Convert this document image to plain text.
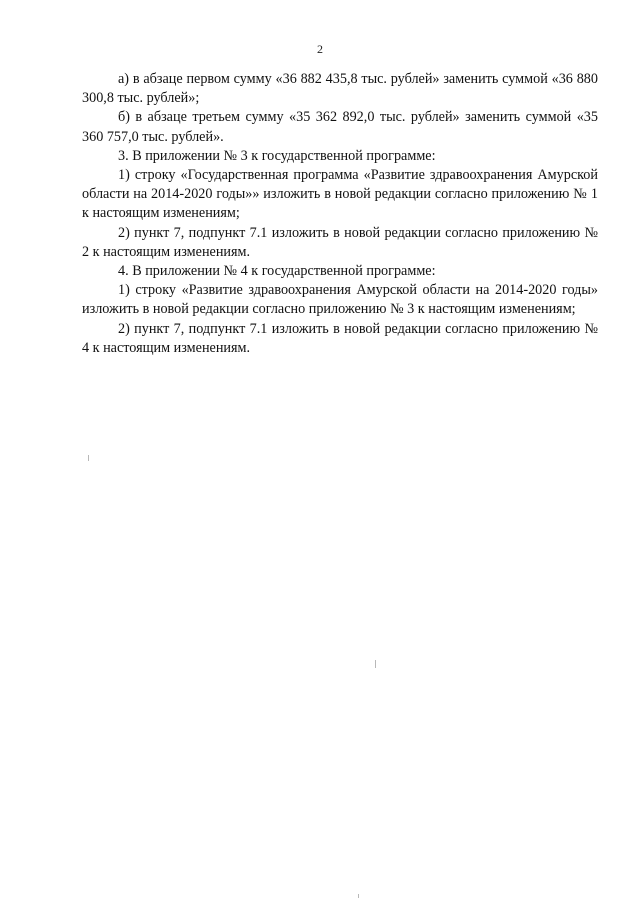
2

а) в абзаце первом сумму «36 882 435,8 тыс. рублей» заменить суммой «36 880 300,8 тыс. рублей»;

б) в абзаце третьем сумму «35 362 892,0 тыс. рублей» заменить суммой «35 360 757,0 тыс. рублей».

3. В приложении № 3 к государственной программе:

1) строку «Государственная программа «Развитие здравоохранения Амурской области на 2014-2020 годы»» изложить в новой редакции согласно приложению № 1 к настоящим изменениям;

2) пункт 7, подпункт 7.1 изложить в новой редакции согласно приложению № 2 к настоящим изменениям.

4. В приложении № 4 к государственной программе:

1) строку «Развитие здравоохранения Амурской области на 2014-2020 годы» изложить в новой редакции согласно приложению № 3 к настоящим изменениям;

2) пункт 7, подпункт 7.1 изложить в новой редакции согласно приложению № 4 к настоящим изменениям.
